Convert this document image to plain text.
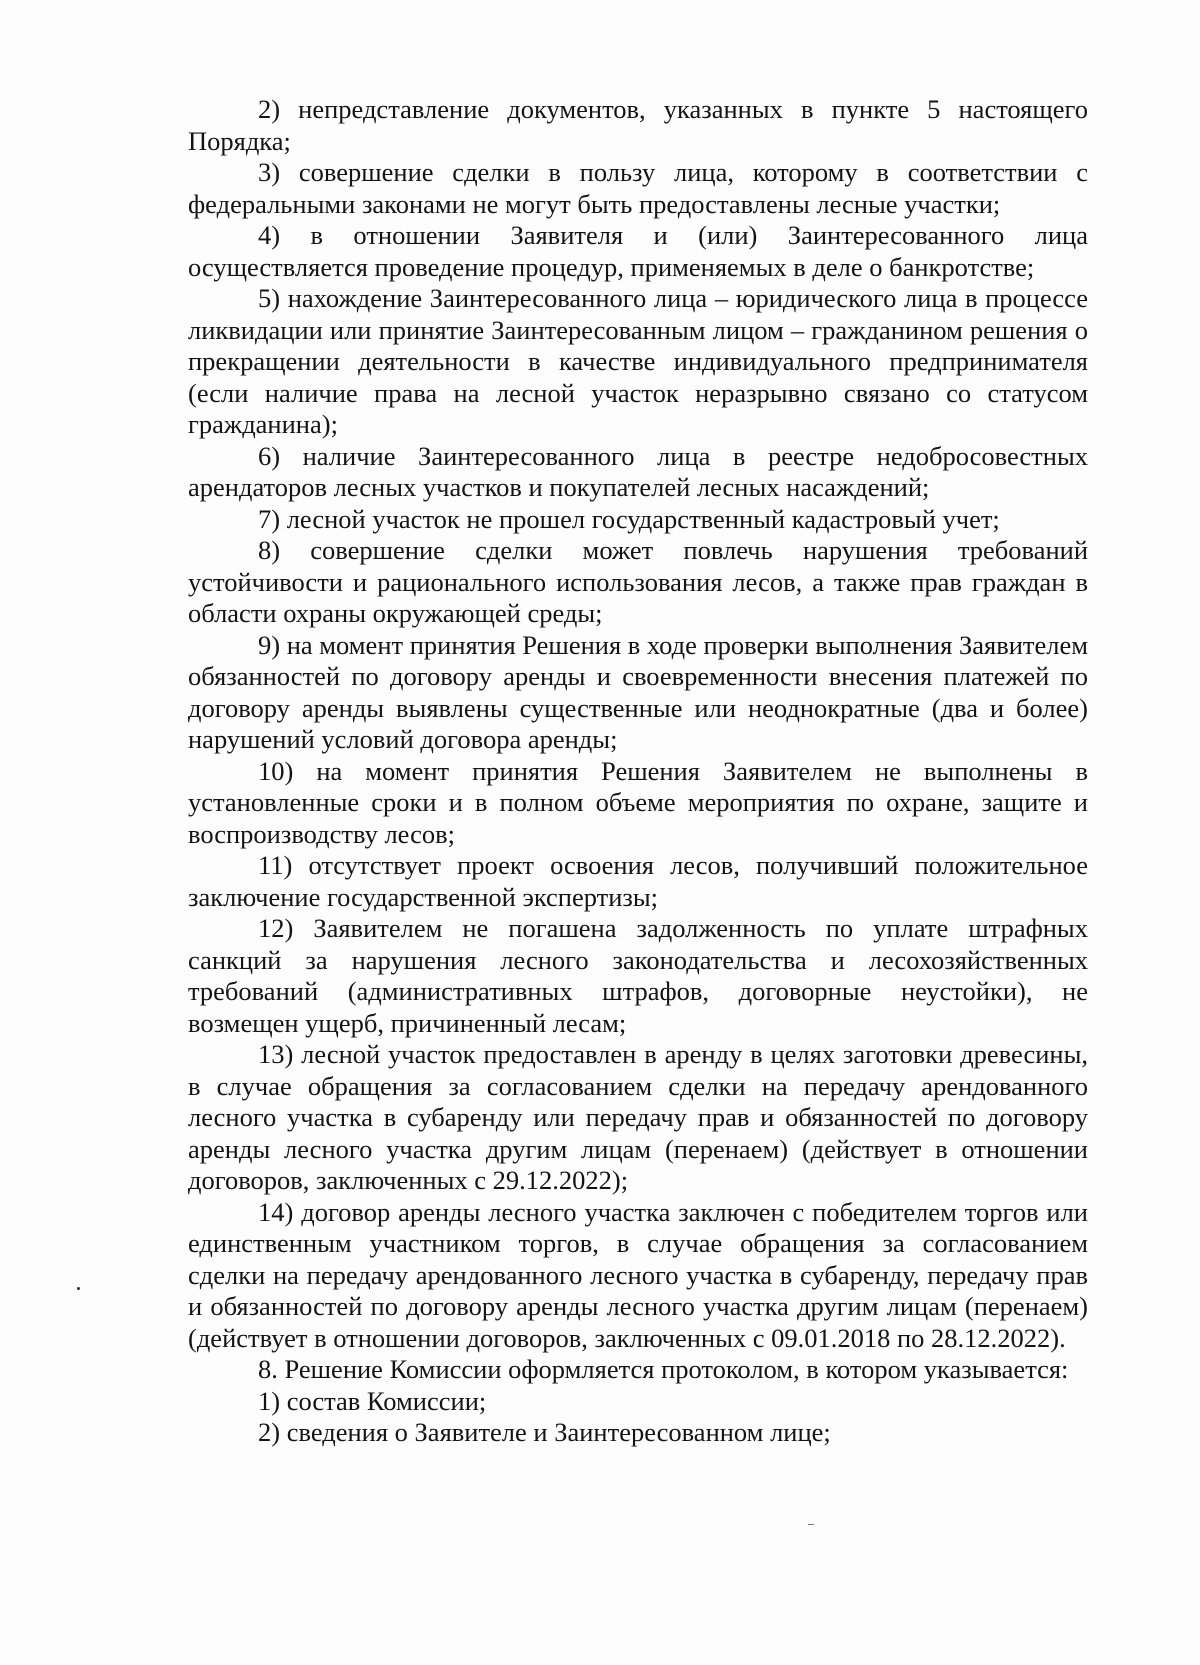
2) непредставление документов, указанных в пункте 5 настоящего Порядка;

3) совершение сделки в пользу лица, которому в соответствии с федеральными законами не могут быть предоставлены лесные участки;

4) в отношении Заявителя и (или) Заинтересованного лица осуществляется проведение процедур, применяемых в деле о банкротстве;

5) нахождение Заинтересованного лица – юридического лица в процессе ликвидации или принятие Заинтересованным лицом – гражданином решения о прекращении деятельности в качестве индивидуального предпринимателя (если наличие права на лесной участок неразрывно связано со статусом гражданина);

6) наличие Заинтересованного лица в реестре недобросовестных арендаторов лесных участков и покупателей лесных насаждений;

7) лесной участок не прошел государственный кадастровый учет;

8) совершение сделки может повлечь нарушения требований устойчивости и рационального использования лесов, а также прав граждан в области охраны окружающей среды;

9) на момент принятия Решения в ходе проверки выполнения Заявителем обязанностей по договору аренды и своевременности внесения платежей по договору аренды выявлены существенные или неоднократные (два и более) нарушений условий договора аренды;

10) на момент принятия Решения Заявителем не выполнены в установленные сроки и в полном объеме мероприятия по охране, защите и воспроизводству лесов;

11) отсутствует проект освоения лесов, получивший положительное заключение государственной экспертизы;

12) Заявителем не погашена задолженность по уплате штрафных санкций за нарушения лесного законодательства и лесохозяйственных требований (административных штрафов, договорные неустойки), не возмещен ущерб, причиненный лесам;

13) лесной участок предоставлен в аренду в целях заготовки древесины, в случае обращения за согласованием сделки на передачу арендованного лесного участка в субаренду или передачу прав и обязанностей по договору аренды лесного участка другим лицам (перенаем) (действует в отношении договоров, заключенных с 29.12.2022);

14) договор аренды лесного участка заключен с победителем торгов или единственным участником торгов, в случае обращения за согласованием сделки на передачу арендованного лесного участка в субаренду, передачу прав и обязанностей по договору аренды лесного участка другим лицам (перенаем) (действует в отношении договоров, заключенных с 09.01.2018 по 28.12.2022).

8. Решение Комиссии оформляется протоколом, в котором указывается:

1) состав Комиссии;

2) сведения о Заявителе и Заинтересованном лице;
